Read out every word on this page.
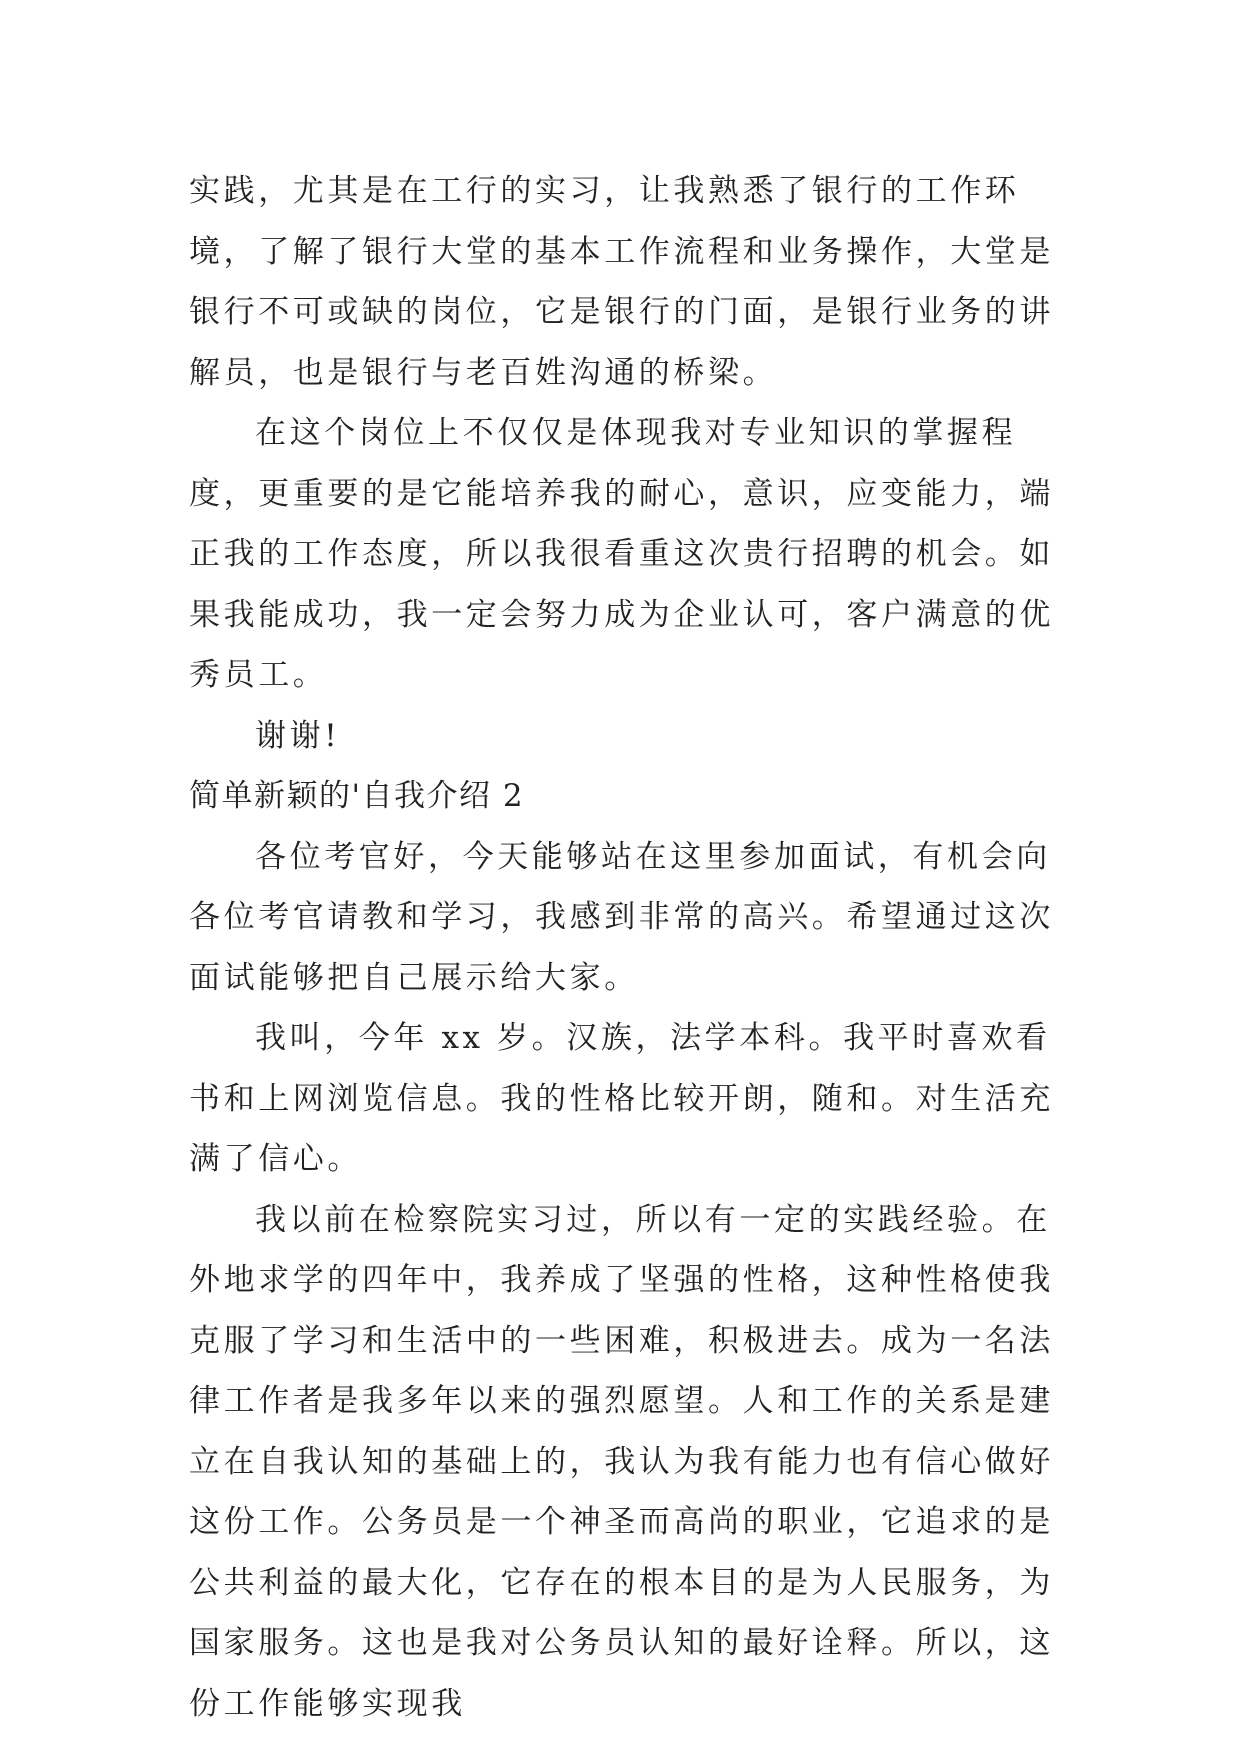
实践，尤其是在工行的实习，让我熟悉了银行的工作环境，了解了银行大堂的基本工作流程和业务操作，大堂是银行不可或缺的岗位，它是银行的门面，是银行业务的讲解员，也是银行与老百姓沟通的桥梁。

在这个岗位上不仅仅是体现我对专业知识的掌握程度，更重要的是它能培养我的耐心，意识，应变能力，端正我的工作态度，所以我很看重这次贵行招聘的机会。如果我能成功，我一定会努力成为企业认可，客户满意的优秀员工。

谢谢!

简单新颖的'自我介绍 2

各位考官好，今天能够站在这里参加面试，有机会向各位考官请教和学习，我感到非常的高兴。希望通过这次面试能够把自己展示给大家。

我叫，今年 xx 岁。汉族，法学本科。我平时喜欢看书和上网浏览信息。我的性格比较开朗，随和。对生活充满了信心。

我以前在检察院实习过，所以有一定的实践经验。在外地求学的四年中，我养成了坚强的性格，这种性格使我克服了学习和生活中的一些困难，积极进去。成为一名法律工作者是我多年以来的强烈愿望。人和工作的关系是建立在自我认知的基础上的，我认为我有能力也有信心做好这份工作。公务员是一个神圣而高尚的职业，它追求的是公共利益的最大化，它存在的根本目的是为人民服务，为国家服务。这也是我对公务员认知的最好诠释。所以，这份工作能够实现我
